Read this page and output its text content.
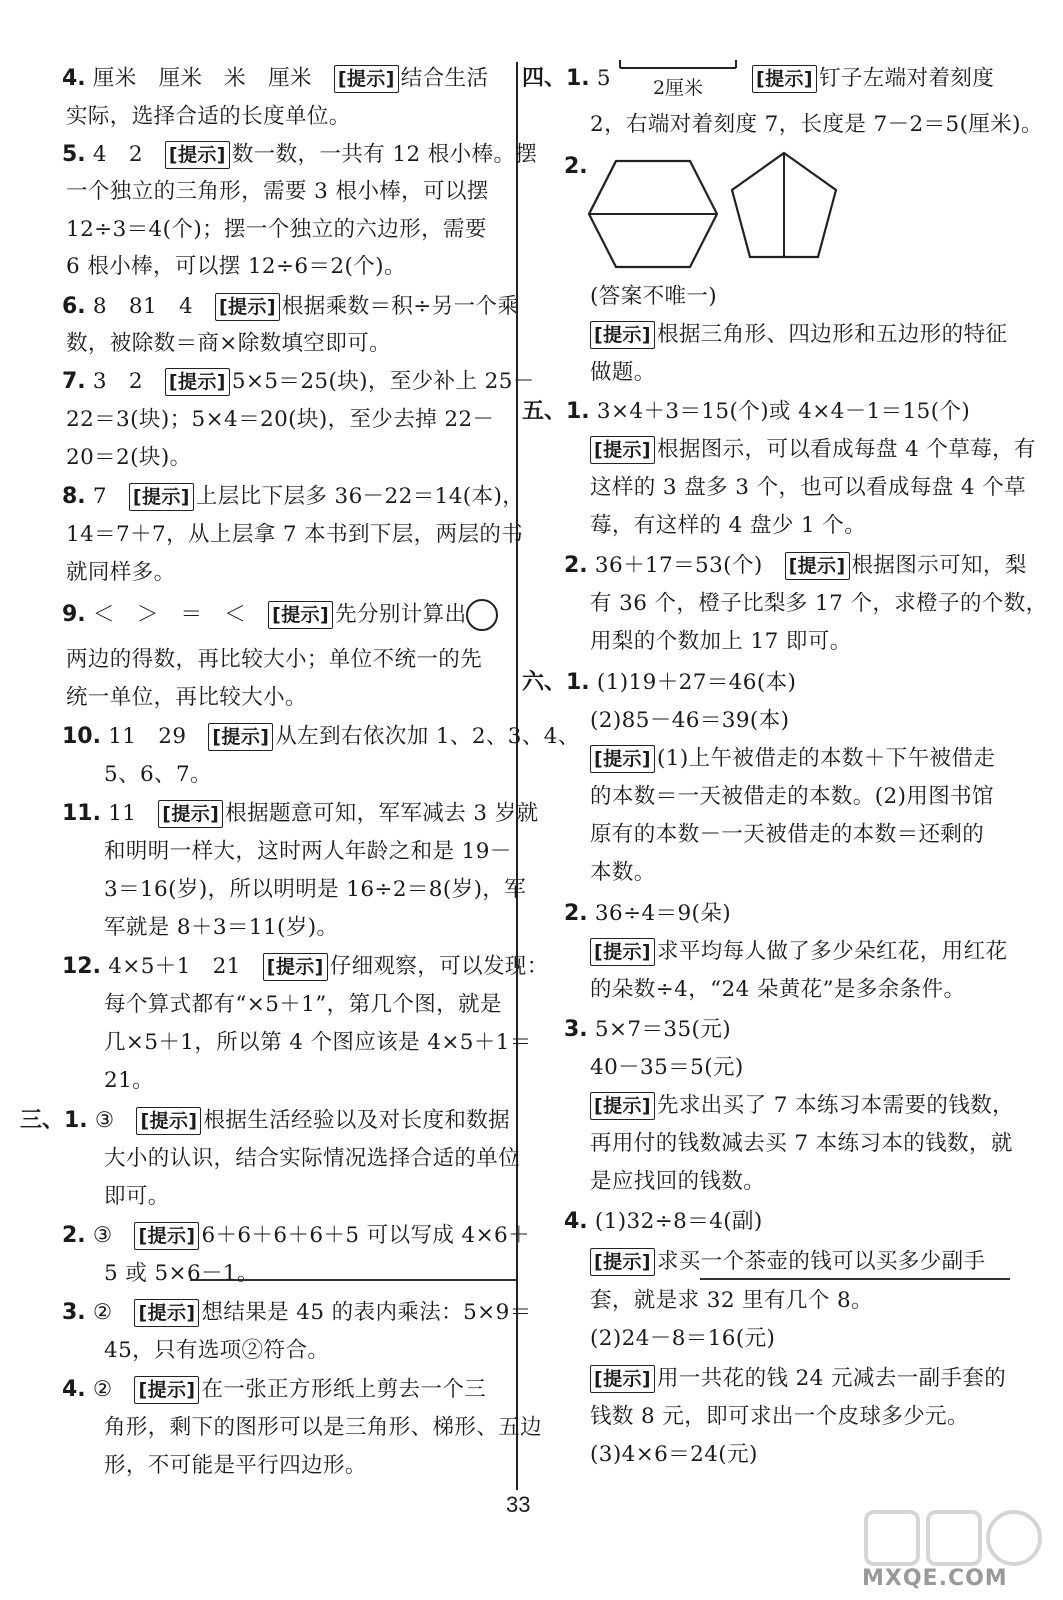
4. 厘米　厘米　米　厘米　[提示] 结合生活
实际，选择合适的长度单位。
5. 4　2　[提示] 数一数，一共有 12 根小棒。摆
一个独立的三角形，需要 3 根小棒，可以摆
12÷3＝4(个)；摆一个独立的六边形，需要
6 根小棒，可以摆 12÷6＝2(个)。
6. 8　81　4　[提示] 根据乘数＝积÷另一个乘
数，被除数＝商×除数填空即可。
7. 3　2　[提示] 5×5＝25(块)，至少补上 25－
22＝3(块)；5×4＝20(块)，至少去掉 22－
20＝2(块)。
8. 7　[提示] 上层比下层多 36－22＝14(本)，
14＝7＋7，从上层拿 7 本书到下层，两层的书
就同样多。
9. ＜　＞　＝　＜　[提示] 先分别计算出
两边的得数，再比较大小；单位不统一的先
统一单位，再比较大小。
10. 11　29　[提示] 从左到右依次加 1、2、3、4、
5、6、7。
11. 11　[提示] 根据题意可知，军军减去 3 岁就
和明明一样大，这时两人年龄之和是 19－
3＝16(岁)，所以明明是 16÷2＝8(岁)，军
军就是 8＋3＝11(岁)。
12. 4×5＋1　21　[提示] 仔细观察，可以发现：
每个算式都有“×5＋1”，第几个图，就是
几×5＋1，所以第 4 个图应该是 4×5＋1＝
21。
三、1. ③　[提示] 根据生活经验以及对长度和数据
大小的认识，结合实际情况选择合适的单位
即可。
2. ③　[提示] 6＋6＋6＋6＋5 可以写成 4×6＋
5 或 5×6－1。
3. ②　[提示] 想结果是 45 的表内乘法：5×9＝
45，只有选项②符合。
4. ②　[提示] 在一张正方形纸上剪去一个三
角形，剩下的图形可以是三角形、梯形、五边
形，不可能是平行四边形。
四、1. 5	[提示] 钉子左端对着刻度
2，右端对着刻度 7，长度是 7－2＝5(厘米)。
2.
(答案不唯一)
[提示] 根据三角形、四边形和五边形的特征
做题。
五、1. 3×4＋3＝15(个)或 4×4－1＝15(个)
[提示] 根据图示，可以看成每盘 4 个草莓，有
这样的 3 盘多 3 个，也可以看成每盘 4 个草
莓，有这样的 4 盘少 1 个。
2. 36＋17＝53(个)　[提示] 根据图示可知，梨
有 36 个，橙子比梨多 17 个，求橙子的个数，
用梨的个数加上 17 即可。
六、1. (1)19＋27＝46(本)
(2)85－46＝39(本)
[提示] (1)上午被借走的本数＋下午被借走
的本数＝一天被借走的本数。(2)用图书馆
原有的本数－一天被借走的本数＝还剩的
本数。
2. 36÷4＝9(朵)
[提示] 求平均每人做了多少朵红花，用红花
的朵数÷4，“24 朵黄花”是多余条件。
3. 5×7＝35(元)
40－35＝5(元)
[提示] 先求出买了 7 本练习本需要的钱数，
再用付的钱数减去买 7 本练习本的钱数，就
是应找回的钱数。
4. (1)32÷8＝4(副)
[提示] 求买一个茶壶的钱可以买多少副手
套，就是求 32 里有几个 8。
(2)24－8＝16(元)
[提示] 用一共花的钱 24 元减去一副手套的
钱数 8 元，即可求出一个皮球多少元。
(3)4×6＝24(元)
2厘米
33
MXQE.COM
